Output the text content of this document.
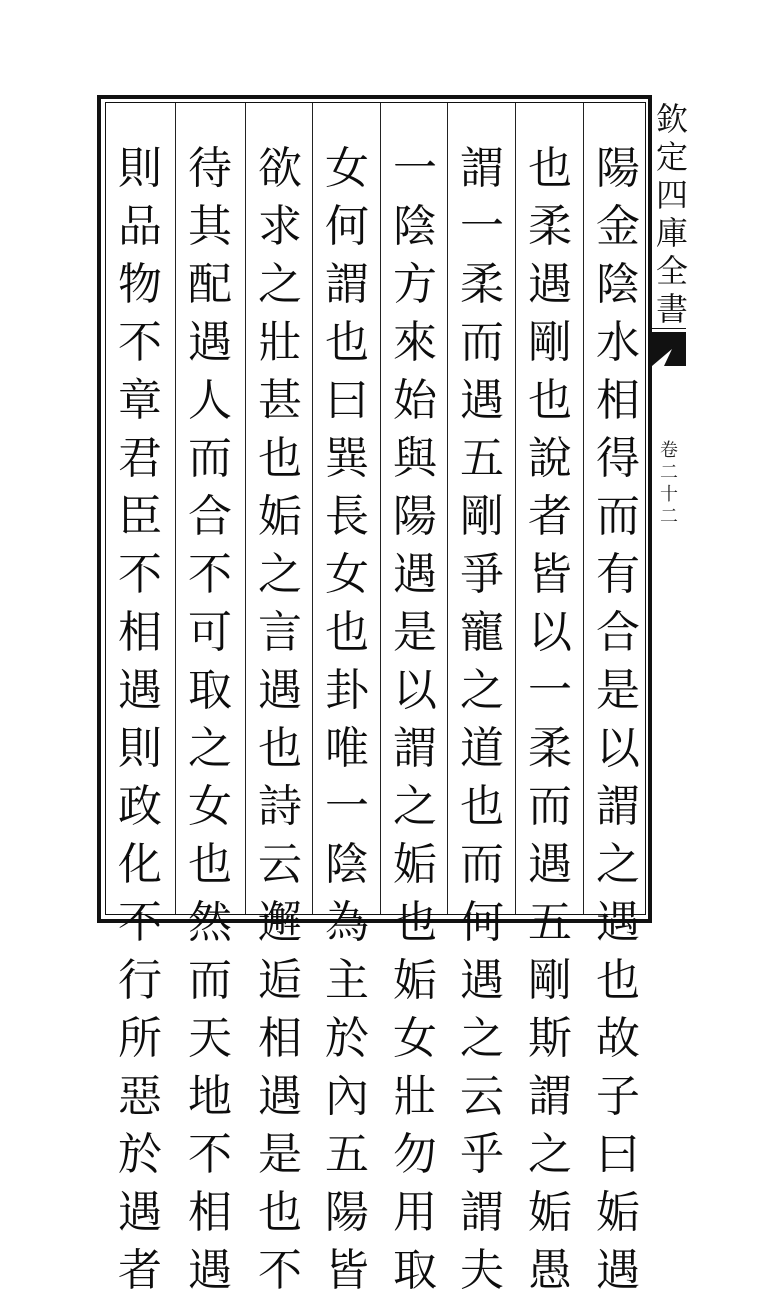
陽
金
陰
水
相
得
而
有
合
是
以
謂
之
遇
也
故
子
曰
姤
遇
也
柔
遇
剛
也
說
者
皆
以
一
柔
而
遇
五
剛
斯
謂
之
姤
愚
謂
一
柔
而
遇
五
剛
爭
寵
之
道
也
而
何
遇
之
云
乎
謂
夫
一
陰
方
來
始
與
陽
遇
是
以
謂
之
姤
也
姤
女
壯
勿
用
取
女
何
謂
也
曰
巽
長
女
也
卦
唯
一
陰
為
主
於
內
五
陽
皆
欲
求
之
壯
甚
也
姤
之
言
遇
也
詩
云
邂
逅
相
遇
是
也
不
待
其
配
遇
人
而
合
不
可
取
之
女
也
然
而
天
地
不
相
遇
則
品
物
不
章
君
臣
不
相
遇
則
政
化
不
行
所
惡
於
遇
者
欽
定
四
庫
全
書
卷
二
十
二
